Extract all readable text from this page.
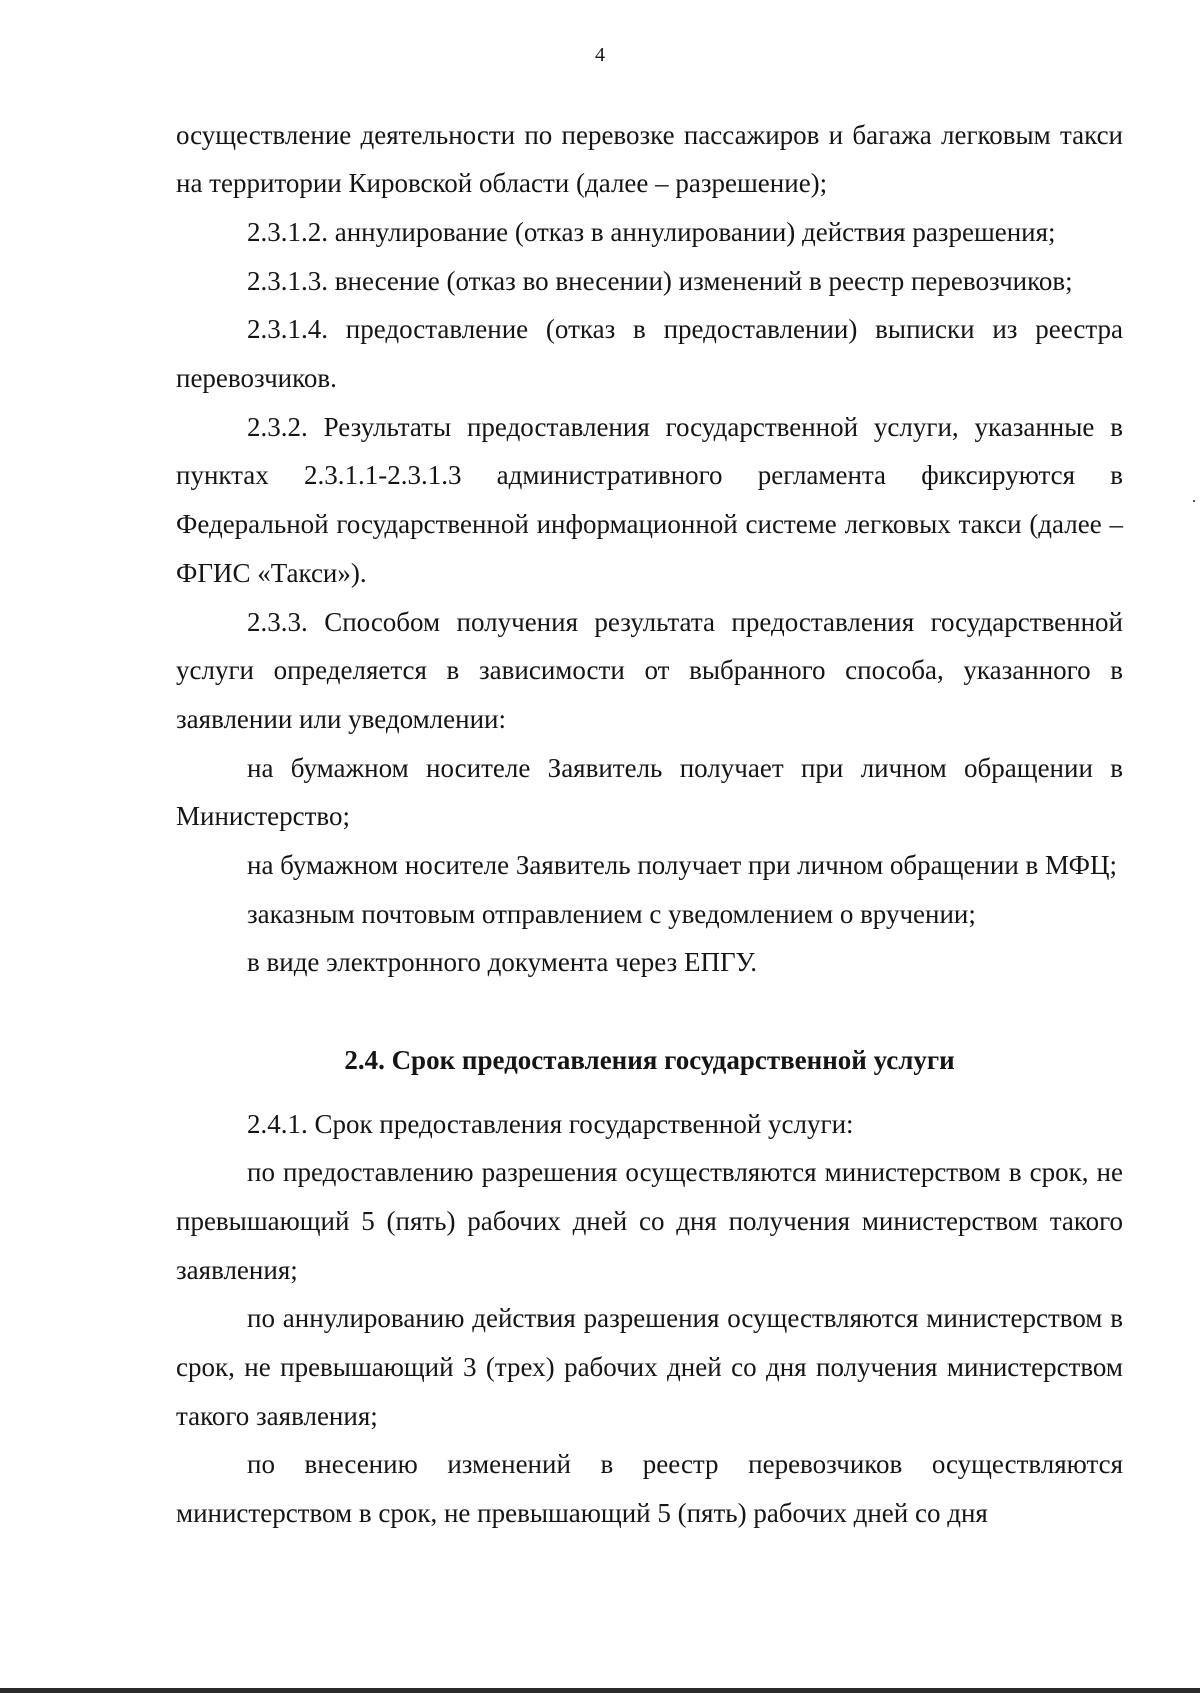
4

осуществление деятельности по перевозке пассажиров и багажа легковым такси на территории Кировской области (далее – разрешение);

2.3.1.2. аннулирование (отказ в аннулировании) действия разрешения;

2.3.1.3. внесение (отказ во внесении) изменений в реестр перевозчиков;

2.3.1.4. предоставление (отказ в предоставлении) выписки из реестра перевозчиков.

2.3.2. Результаты предоставления государственной услуги, указанные в пунктах 2.3.1.1-2.3.1.3 административного регламента фиксируются в Федеральной государственной информационной системе легковых такси (далее – ФГИС «Такси»).

2.3.3. Способом получения результата предоставления государственной услуги определяется в зависимости от выбранного способа, указанного в заявлении или уведомлении:

на бумажном носителе Заявитель получает при личном обращении в Министерство;

на бумажном носителе Заявитель получает при личном обращении в МФЦ;

заказным почтовым отправлением с уведомлением о вручении;

в виде электронного документа через ЕПГУ.

2.4. Срок предоставления государственной услуги

2.4.1. Срок предоставления государственной услуги:

по предоставлению разрешения осуществляются министерством в срок, не превышающий 5 (пять) рабочих дней со дня получения министерством такого заявления;

по аннулированию действия разрешения осуществляются министерством в срок, не превышающий 3 (трех) рабочих дней со дня получения министерством такого заявления;

по внесению изменений в реестр перевозчиков осуществляются министерством в срок, не превышающий 5 (пять) рабочих дней со дня
